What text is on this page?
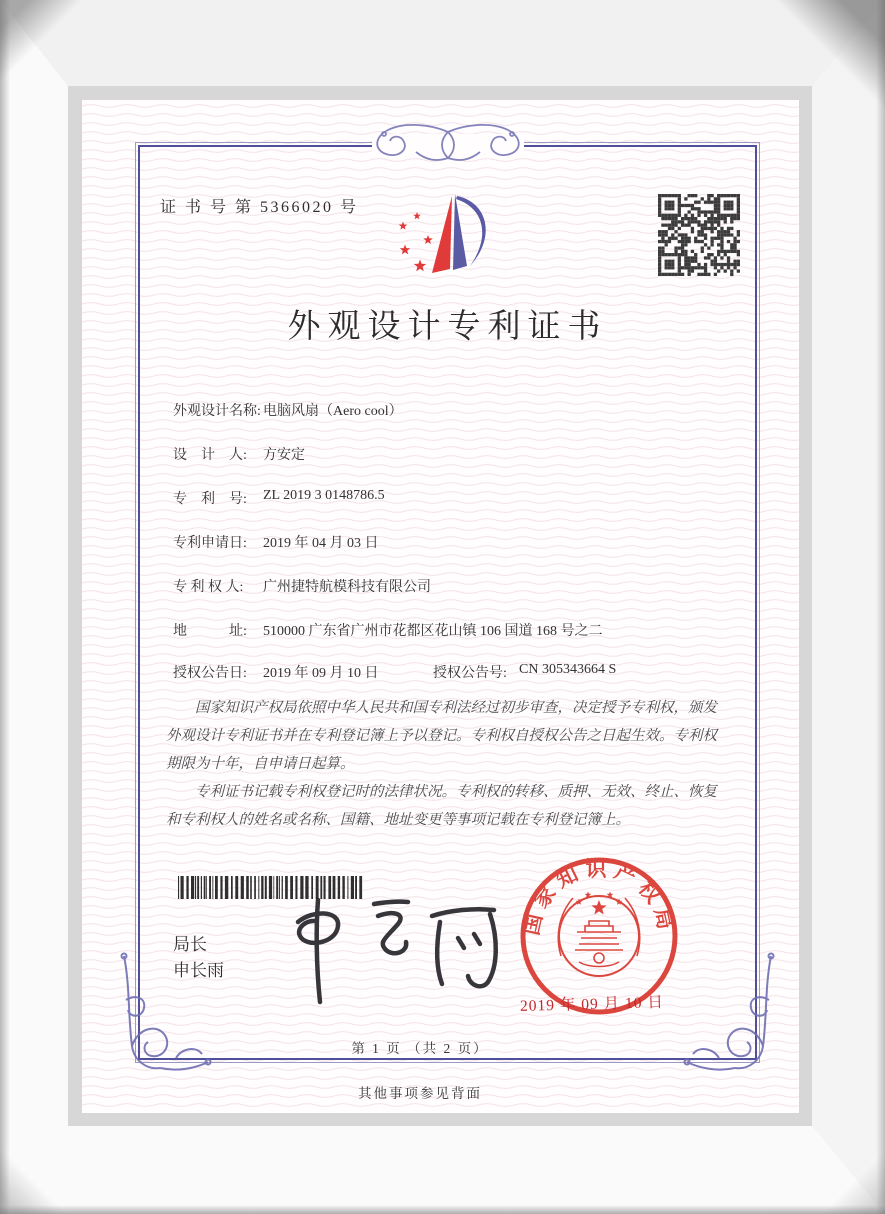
证 书 号 第 5366020 号
外观设计专利证书
外观设计名称: 电脑风扇（Aero cool）
设　计　人:	方安定
专　利　号:	ZL 2019 3 0148786.5
专利申请日:	2019 年 04 月 03 日
专 利 权 人:	广州捷特航模科技有限公司
地　　　址:	510000 广东省广州市花都区花山镇 106 国道 168 号之二
授权公告日:	2019 年 09 月 10 日	授权公告号: CN 305343664 S

国家知识产权局依照中华人民共和国专利法经过初步审查，决定授予专利权，颁发外观设计专利证书并在专利登记簿上予以登记。专利权自授权公告之日起生效。专利权期限为十年，自申请日起算。

专利证书记载专利权登记时的法律状况。专利权的转移、质押、无效、终止、恢复和专利权人的姓名或名称、国籍、地址变更等事项记载在专利登记簿上。

局长
申长雨
国家知识产权局
2019 年 09 月 10 日
第 1 页 （共 2 页）
其他事项参见背面
